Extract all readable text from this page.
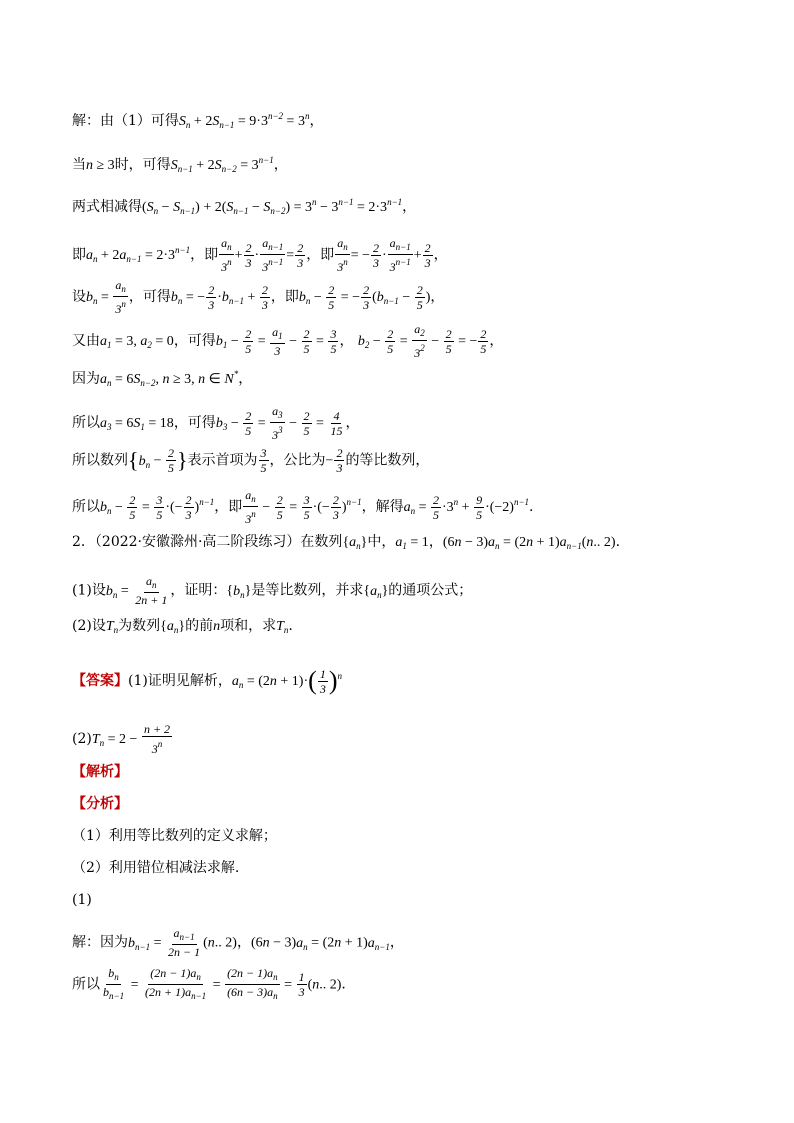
解：由（1）可得$S_n + 2S_{n-1} = 9\cdot 3^{n-2} = 3^n$，
当n ≥ 3时，可得$S_{n-1} + 2S_{n-2} = 3^{n-1}$，
两式相减得$(S_n - S_{n-1}) + 2(S_{n-1} - S_{n-2}) = 3^n - 3^{n-1} = 2\cdot 3^{n-1}$，
即$a_n + 2a_{n-1} = 2\cdot 3^{n-1}$，即 $\frac{a_n}{3^n} + \frac{2}{3} \cdot \frac{a_{n-1}}{3^{n-1}} = \frac{2}{3}$ ，即 $\frac{a_n}{3^n}$ = − $\frac{2}{3} \cdot \frac{a_{n-1}}{3^{n-1}} + \frac{2}{3}$ ，
设$b_n = \frac{a_n}{3^n}$ ，可得$b_n$ = − $\frac{2}{3} \cdot b_{n-1} + \frac{2}{3}$ ，即$b_n - \frac{2}{5}$ = − $\frac{2}{3} (b_{n-1} - \frac{2}{5}$ )，
又由$a_1 = 3$, $a_2 = 0$，可得$b_1 - \frac{2}{5} = \frac{a_1}{3} - \frac{2}{5} = \frac{3}{5}$ ， $b_2 - \frac{2}{5} = \frac{a_2}{3^2} - \frac{2}{5}$ = − $\frac{2}{5}$ ，
因为$a_n = 6S_{n-2}$, n ≥ 3, n ∈ N*，
所以$a_3 = 6S_1 = 18$，可得$b_3 - \frac{2}{5} = \frac{a_3}{3^3} - \frac{2}{5} = \frac{4}{15}$ ，
所以数列{$b_n - \frac{2}{5}$ }表示首项为 $\frac{3}{5}$ ，公比为− $\frac{2}{3}$ 的等比数列，
所以$b_n - \frac{2}{5} = \frac{3}{5}$ ·(− $\frac{2}{3} )^{n-1}$，即 $\frac{a_n}{3^n} - \frac{2}{5} = \frac{3}{5}$ ·(− $\frac{2}{3} )^{n-1}$，解得$a_n = \frac{2}{5} \cdot 3^n + \frac{9}{5} \cdot(-2)^{n-1}$.
2．（2022·安徽滁州·高二阶段练习）在数列$\{a_n\}$中，$a_1 = 1$，$(6n - 3)a_n = (2n + 1)a_{n-1}(n$.. 2).
(1)设$b_n = \frac{a_n}{2n + 1}$ ，证明：$\{b_n\}$是等比数列，并求$\{a_n\}$的通项公式；
(2)设$T_n$为数列$\{a_n\}$的前n项和，求$T_n$.
【答案】(1)证明见解析，$a_n = (2n + 1)\cdot( \frac{1}{3} )^n$
$(2)T_n = 2 - \frac{n + 2}{3^n}$
【解析】
【分析】
（1）利用等比数列的定义求解；
（2）利用错位相减法求解.
(1)
解：因为$b_{n-1} = \frac{a_{n-1}}{2n - 1} (n$.. 2)，$(6n - 3)a_n = (2n + 1)a_{n-1}$，
所以 $\frac{b_n}{b_{n-1}} = \frac{(2n - 1)a_n}{(2n + 1)a_{n-1}} = \frac{(2n - 1)a_n}{(6n - 3)a_n} = \frac{1}{3} (n$.. 2).
